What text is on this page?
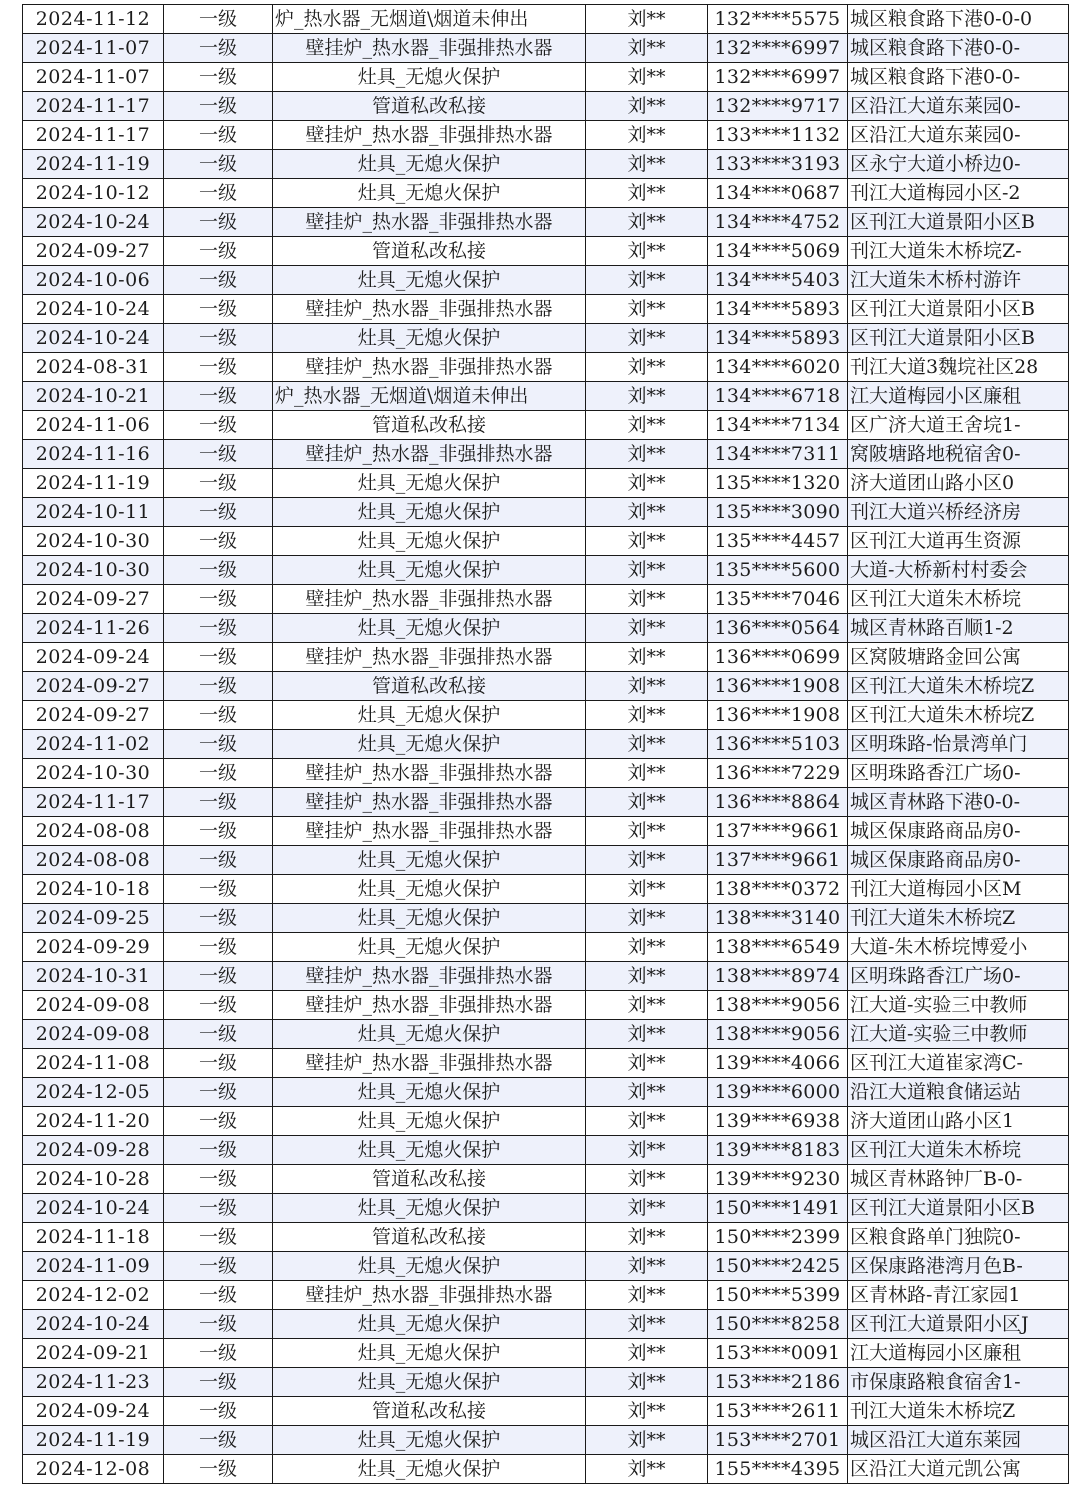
2024-11-12	一级	炉_热水器_无烟道\烟道未伸出	刘**	132****5575	城区粮食路下港0-0-0
2024-11-07	一级	壁挂炉_热水器_非强排热水器	刘**	132****6997	城区粮食路下港0-0-
2024-11-07	一级	灶具_无熄火保护	刘**	132****6997	城区粮食路下港0-0-
2024-11-17	一级	管道私改私接	刘**	132****9717	区沿江大道东莱园0-
2024-11-17	一级	壁挂炉_热水器_非强排热水器	刘**	133****1132	区沿江大道东莱园0-
2024-11-19	一级	灶具_无熄火保护	刘**	133****3193	区永宁大道小桥边0-
2024-10-12	一级	灶具_无熄火保护	刘**	134****0687	刊江大道梅园小区-2
2024-10-24	一级	壁挂炉_热水器_非强排热水器	刘**	134****4752	区刊江大道景阳小区B
2024-09-27	一级	管道私改私接	刘**	134****5069	刊江大道朱木桥垸Z-
2024-10-06	一级	灶具_无熄火保护	刘**	134****5403	江大道朱木桥村游许
2024-10-24	一级	壁挂炉_热水器_非强排热水器	刘**	134****5893	区刊江大道景阳小区B
2024-10-24	一级	灶具_无熄火保护	刘**	134****5893	区刊江大道景阳小区B
2024-08-31	一级	壁挂炉_热水器_非强排热水器	刘**	134****6020	刊江大道3魏垸社区28
2024-10-21	一级	炉_热水器_无烟道\烟道未伸出	刘**	134****6718	江大道梅园小区廉租
2024-11-06	一级	管道私改私接	刘**	134****7134	区广济大道王舍垸1-
2024-11-16	一级	壁挂炉_热水器_非强排热水器	刘**	134****7311	窝陂塘路地税宿舍0-
2024-11-19	一级	灶具_无熄火保护	刘**	135****1320	济大道团山路小区0
2024-10-11	一级	灶具_无熄火保护	刘**	135****3090	刊江大道兴桥经济房
2024-10-30	一级	灶具_无熄火保护	刘**	135****4457	区刊江大道再生资源
2024-10-30	一级	灶具_无熄火保护	刘**	135****5600	大道-大桥新村村委会
2024-09-27	一级	壁挂炉_热水器_非强排热水器	刘**	135****7046	区刊江大道朱木桥垸
2024-11-26	一级	灶具_无熄火保护	刘**	136****0564	城区青林路百顺1-2
2024-09-24	一级	壁挂炉_热水器_非强排热水器	刘**	136****0699	区窝陂塘路金回公寓
2024-09-27	一级	管道私改私接	刘**	136****1908	区刊江大道朱木桥垸Z
2024-09-27	一级	灶具_无熄火保护	刘**	136****1908	区刊江大道朱木桥垸Z
2024-11-02	一级	灶具_无熄火保护	刘**	136****5103	区明珠路-怡景湾单门
2024-10-30	一级	壁挂炉_热水器_非强排热水器	刘**	136****7229	区明珠路香江广场0-
2024-11-17	一级	壁挂炉_热水器_非强排热水器	刘**	136****8864	城区青林路下港0-0-
2024-08-08	一级	壁挂炉_热水器_非强排热水器	刘**	137****9661	城区保康路商品房0-
2024-08-08	一级	灶具_无熄火保护	刘**	137****9661	城区保康路商品房0-
2024-10-18	一级	灶具_无熄火保护	刘**	138****0372	刊江大道梅园小区M
2024-09-25	一级	灶具_无熄火保护	刘**	138****3140	刊江大道朱木桥垸Z
2024-09-29	一级	灶具_无熄火保护	刘**	138****6549	大道-朱木桥垸博爱小
2024-10-31	一级	壁挂炉_热水器_非强排热水器	刘**	138****8974	区明珠路香江广场0-
2024-09-08	一级	壁挂炉_热水器_非强排热水器	刘**	138****9056	江大道-实验三中教师
2024-09-08	一级	灶具_无熄火保护	刘**	138****9056	江大道-实验三中教师
2024-11-08	一级	壁挂炉_热水器_非强排热水器	刘**	139****4066	区刊江大道崔家湾C-
2024-12-05	一级	灶具_无熄火保护	刘**	139****6000	沿江大道粮食储运站
2024-11-20	一级	灶具_无熄火保护	刘**	139****6938	济大道团山路小区1
2024-09-28	一级	灶具_无熄火保护	刘**	139****8183	区刊江大道朱木桥垸
2024-10-28	一级	管道私改私接	刘**	139****9230	城区青林路钟厂B-0-
2024-10-24	一级	灶具_无熄火保护	刘**	150****1491	区刊江大道景阳小区B
2024-11-18	一级	管道私改私接	刘**	150****2399	区粮食路单门独院0-
2024-11-09	一级	灶具_无熄火保护	刘**	150****2425	区保康路港湾月色B-
2024-12-02	一级	壁挂炉_热水器_非强排热水器	刘**	150****5399	区青林路-青江家园1
2024-10-24	一级	灶具_无熄火保护	刘**	150****8258	区刊江大道景阳小区J
2024-09-21	一级	灶具_无熄火保护	刘**	153****0091	江大道梅园小区廉租
2024-11-23	一级	灶具_无熄火保护	刘**	153****2186	市保康路粮食宿舍1-
2024-09-24	一级	管道私改私接	刘**	153****2611	刊江大道朱木桥垸Z
2024-11-19	一级	灶具_无熄火保护	刘**	153****2701	城区沿江大道东莱园
2024-12-08	一级	灶具_无熄火保护	刘**	155****4395	区沿江大道元凯公寓
